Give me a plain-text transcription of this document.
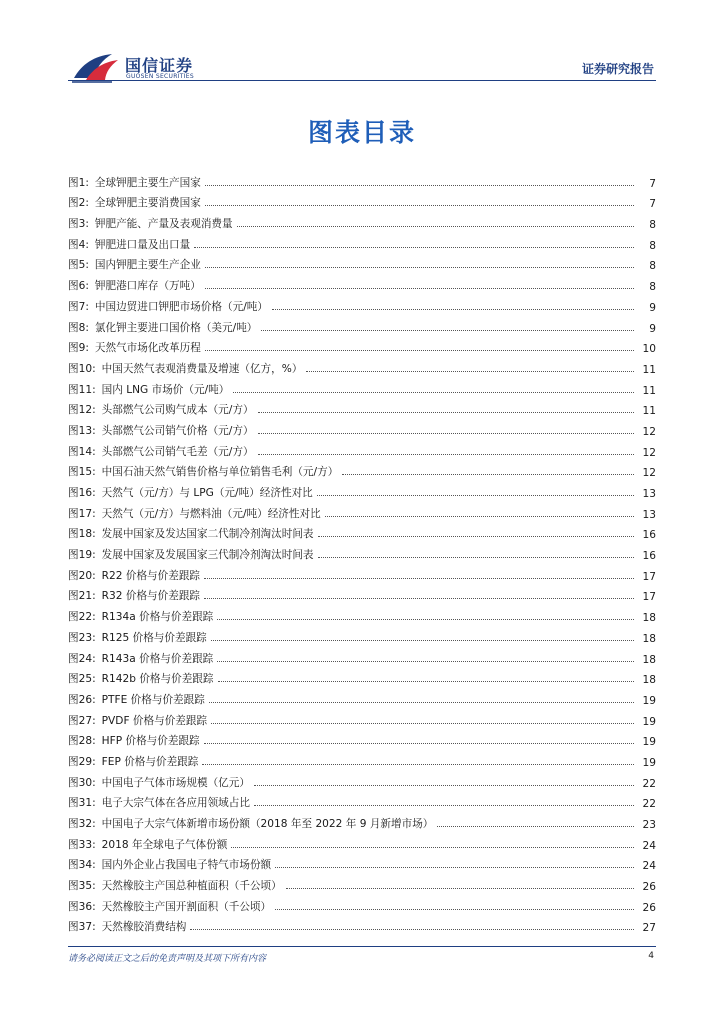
国信证券
GUOSEN SECURITIES
证券研究报告
图表目录
图1: 全球钾肥主要生产国家	7
图2: 全球钾肥主要消费国家	7
图3: 钾肥产能、产量及表观消费量	8
图4: 钾肥进口量及出口量	8
图5: 国内钾肥主要生产企业	8
图6: 钾肥港口库存（万吨）	8
图7: 中国边贸进口钾肥市场价格（元/吨）	9
图8: 氯化钾主要进口国价格（美元/吨）	9
图9: 天然气市场化改革历程	10
图10: 中国天然气表观消费量及增速（亿方，%）	11
图11: 国内 LNG 市场价（元/吨）	11
图12: 头部燃气公司购气成本（元/方）	11
图13: 头部燃气公司销气价格（元/方）	12
图14: 头部燃气公司销气毛差（元/方）	12
图15: 中国石油天然气销售价格与单位销售毛利（元/方）	12
图16: 天然气（元/方）与 LPG（元/吨）经济性对比	13
图17: 天然气（元/方）与燃料油（元/吨）经济性对比	13
图18: 发展中国家及发达国家二代制冷剂淘汰时间表	16
图19: 发展中国家及发展国家三代制冷剂淘汰时间表	16
图20: R22 价格与价差跟踪	17
图21: R32 价格与价差跟踪	17
图22: R134a 价格与价差跟踪	18
图23: R125 价格与价差跟踪	18
图24: R143a 价格与价差跟踪	18
图25: R142b 价格与价差跟踪	18
图26: PTFE 价格与价差跟踪	19
图27: PVDF 价格与价差跟踪	19
图28: HFP 价格与价差跟踪	19
图29: FEP 价格与价差跟踪	19
图30: 中国电子气体市场规模（亿元）	22
图31: 电子大宗气体在各应用领域占比	22
图32: 中国电子大宗气体新增市场份额（2018 年至 2022 年 9 月新增市场）	23
图33: 2018 年全球电子气体份额	24
图34: 国内外企业占我国电子特气市场份额	24
图35: 天然橡胶主产国总种植面积（千公顷）	26
图36: 天然橡胶主产国开割面积（千公顷）	26
图37: 天然橡胶消费结构	27
请务必阅读正文之后的免责声明及其项下所有内容	4
